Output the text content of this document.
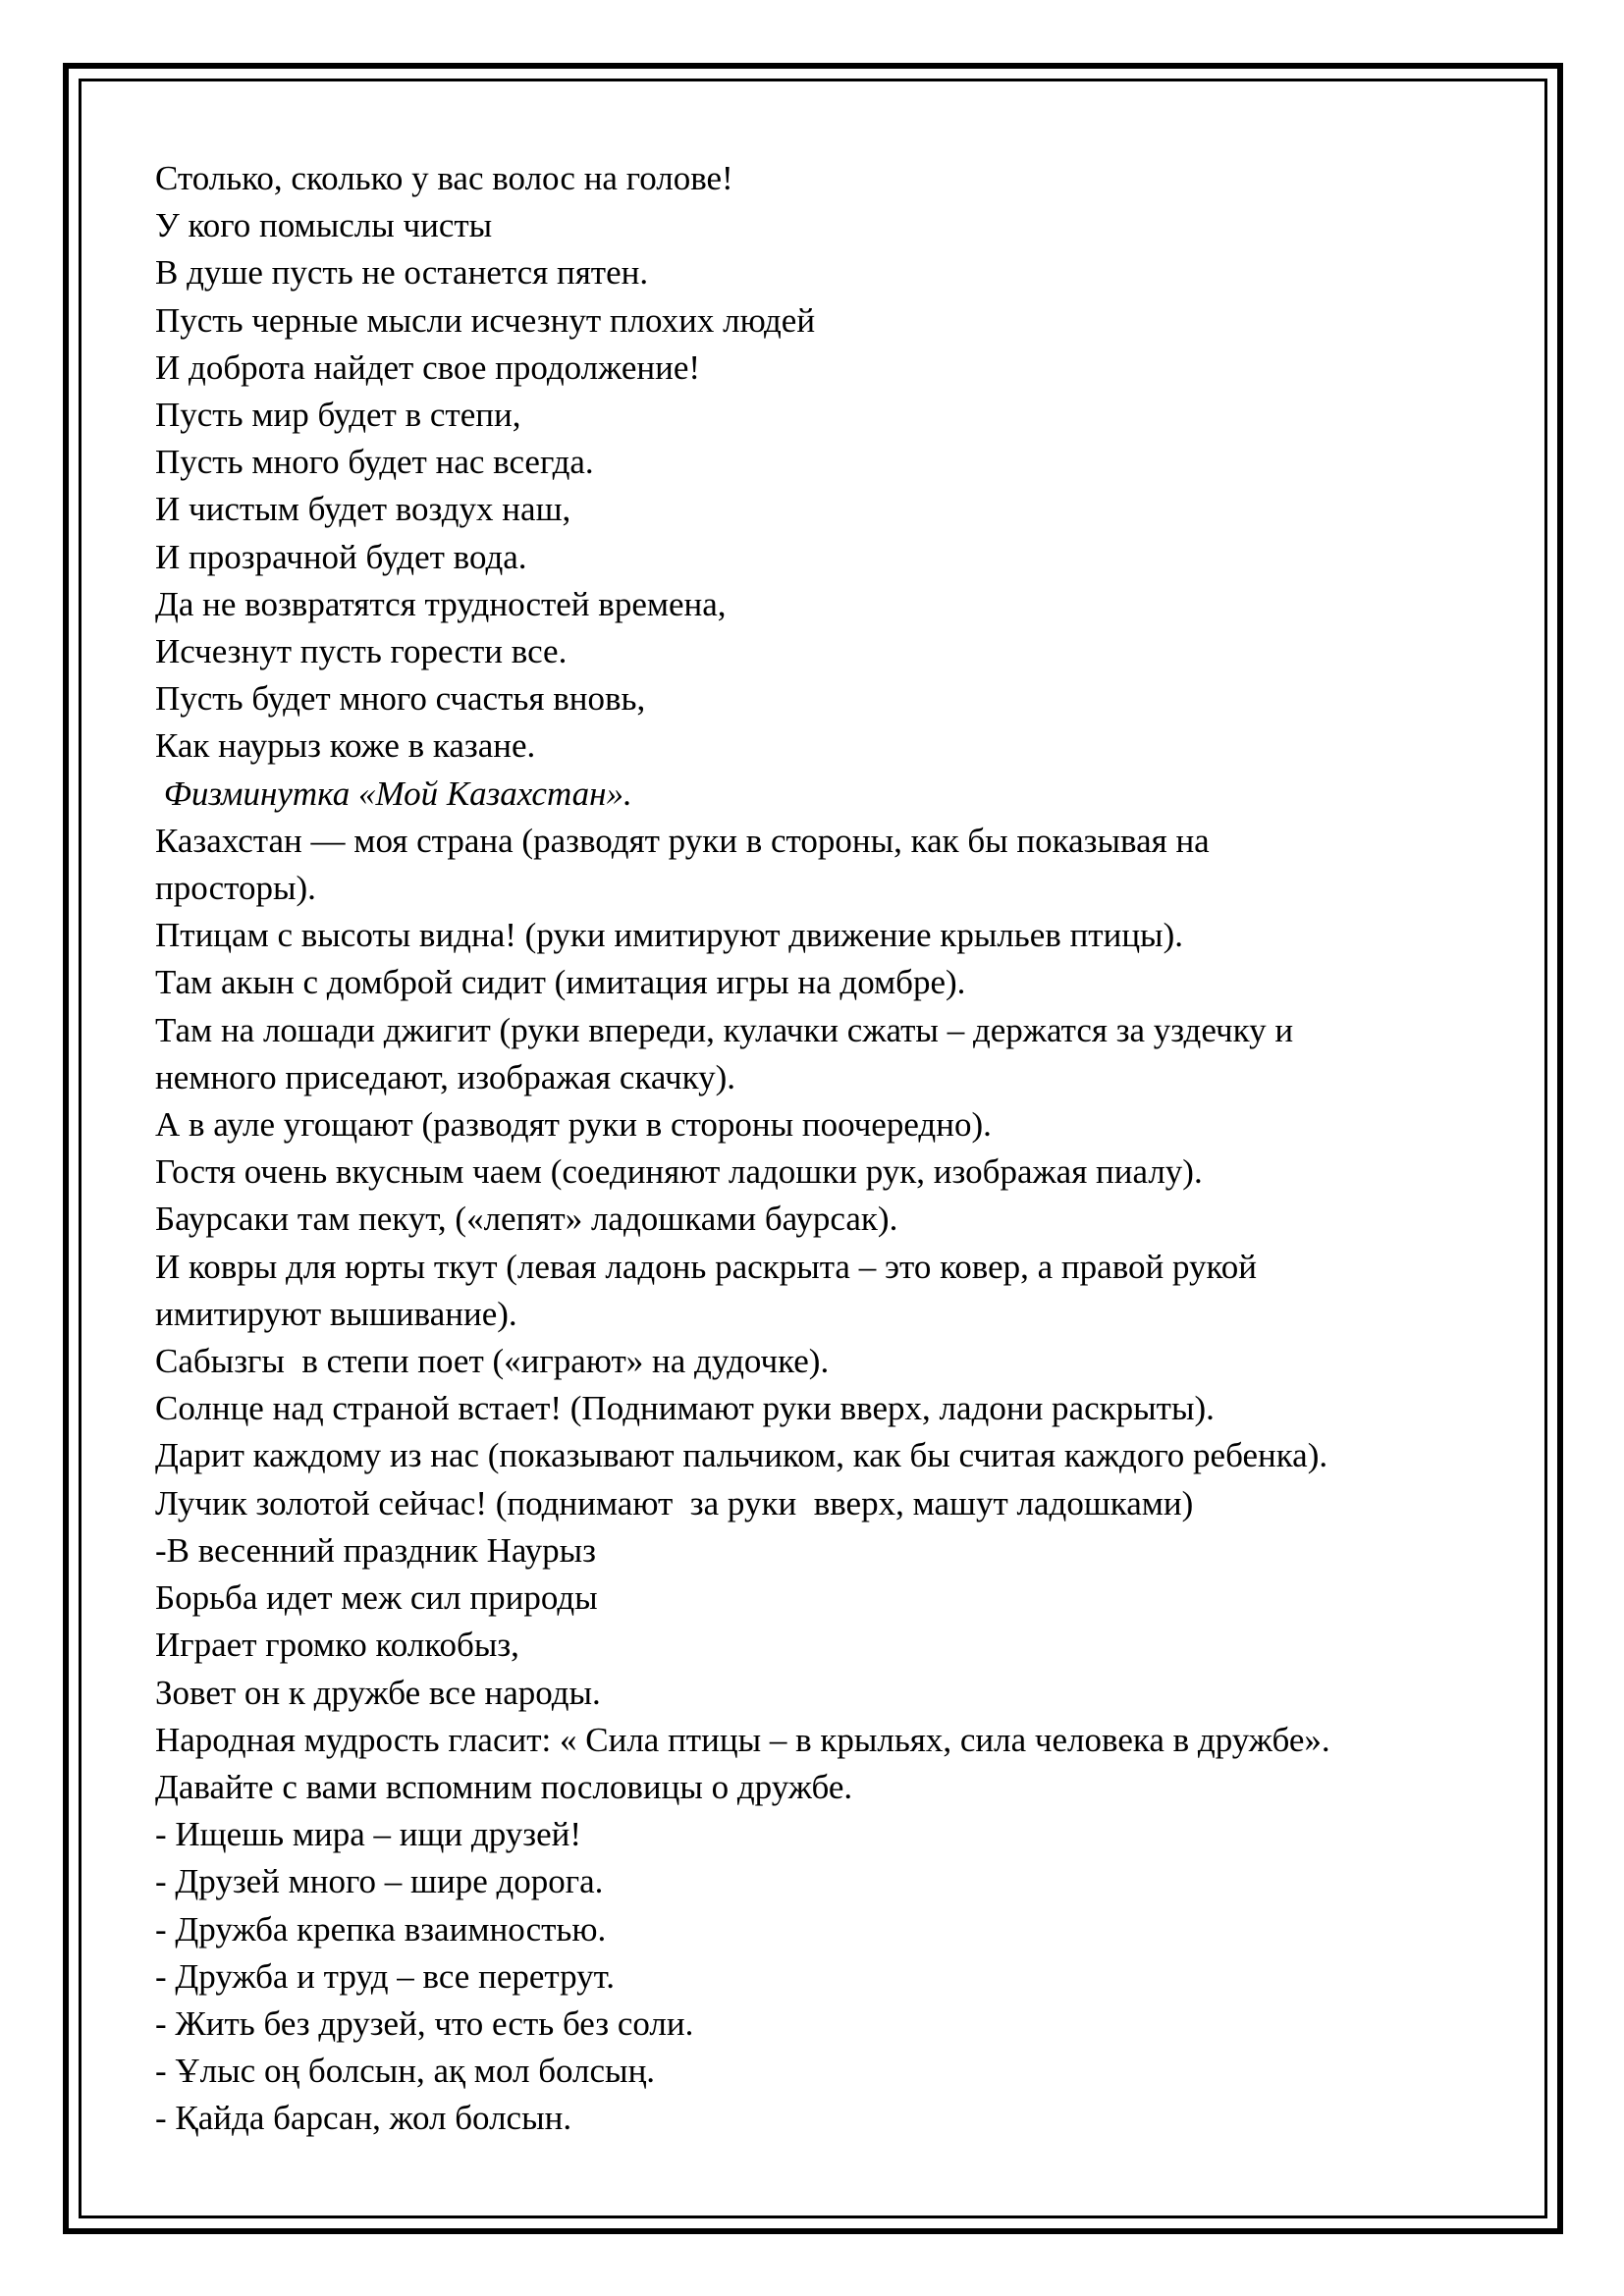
Столько, сколько у вас волос на голове!
У кого помыслы чисты
В душе пусть не останется пятен.
Пусть черные мысли исчезнут плохих людей
И доброта найдет свое продолжение!
Пусть мир будет в степи,
Пусть много будет нас всегда.
И чистым будет воздух наш,
И прозрачной будет вода.
Да не возвратятся трудностей времена,
Исчезнут пусть горести все.
Пусть будет много счастья вновь,
Как наурыз коже в казане.
Физминутка «Мой Казахстан».
Казахстан — моя страна (разводят руки в стороны, как бы показывая на
просторы).
Птицам с высоты видна! (руки имитируют движение крыльев птицы).
Там акын с домброй сидит (имитация игры на домбре).
Там на лошади джигит (руки впереди, кулачки сжаты – держатся за уздечку и
немного приседают, изображая скачку).
А в ауле угощают (разводят руки в стороны поочередно).
Гостя очень вкусным чаем (соединяют ладошки рук, изображая пиалу).
Баурсаки там пекут, («лепят» ладошками баурсак).
И ковры для юрты ткут (левая ладонь раскрыта – это ковер, а правой рукой
имитируют вышивание).
Сабызгы  в степи поет («играют» на дудочке).
Солнце над страной встает! (Поднимают руки вверх, ладони раскрыты).
Дарит каждому из нас (показывают пальчиком, как бы считая каждого ребенка).
Лучик золотой сейчас! (поднимают  за руки  вверх, машут ладошками)
-В весенний праздник Наурыз
Борьба идет меж сил природы
Играет громко колкобыз,
Зовет он к дружбе все народы.
Народная мудрость гласит: « Сила птицы – в крыльях, сила человека в дружбе».
Давайте с вами вспомним пословицы о дружбе.
- Ищешь мира – ищи друзей!
- Друзей много – шире дорога.
- Дружба крепка взаимностью.
- Дружба и труд – все перетрут.
- Жить без друзей, что есть без соли.
- Ұлыс оң болсын, ақ мол болсың.
- Қайда барсан, жол болсын.
